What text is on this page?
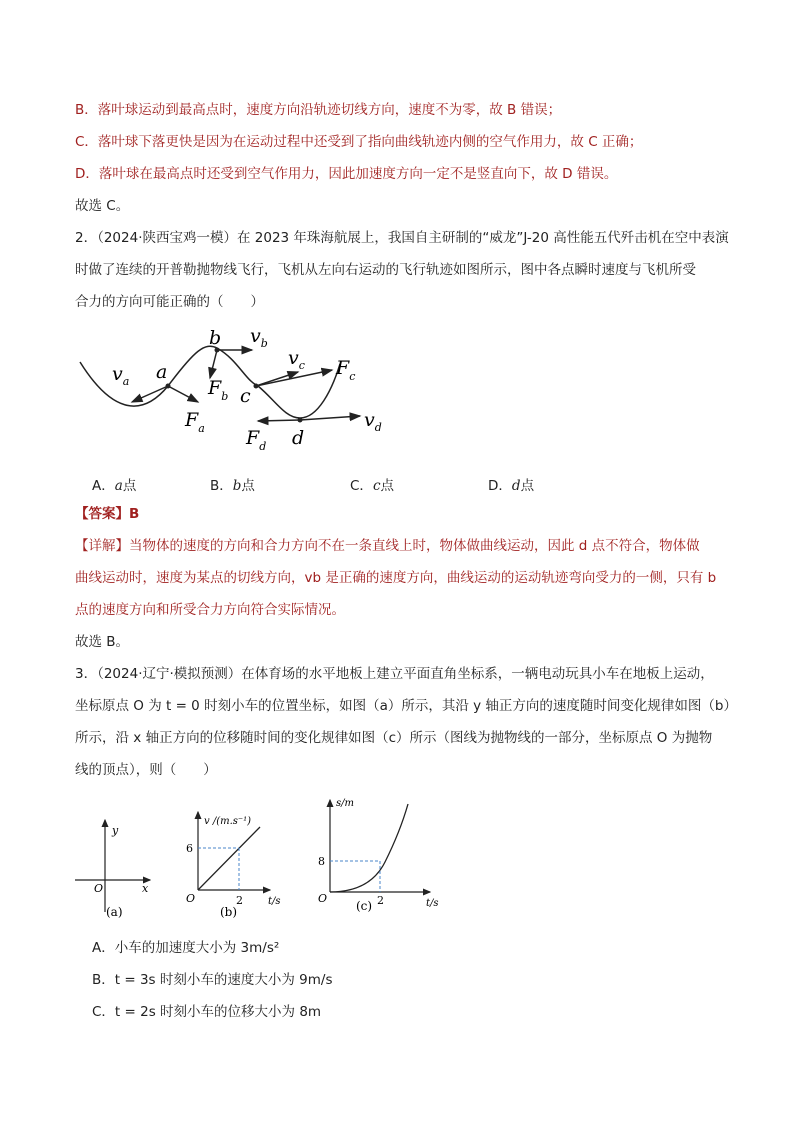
B．落叶球运动到最高点时，速度方向沿轨迹切线方向，速度不为零，故 B 错误；
C．落叶球下落更快是因为在运动过程中还受到了指向曲线轨迹内侧的空气作用力，故 C 正确；
D．落叶球在最高点时还受到空气作用力，因此加速度方向一定不是竖直向下，故 D 错误。
故选 C。
2．（2024·陕西宝鸡一模）在 2023 年珠海航展上，我国自主研制的“威龙”J-20 高性能五代歼击机在空中表演
时做了连续的开普勒抛物线飞行，飞机从左向右运动的飞行轨迹如图所示，图中各点瞬时速度与飞机所受
合力的方向可能正确的（　　）
$v_a$ a
$F_a$
b $v_b$
$F_b$ c
$v_c$ $F_c$
d
$v_d$
$F_d$
A．a点	B．b点	C．c点	D．d点
【答案】B
【详解】当物体的速度的方向和合力方向不在一条直线上时，物体做曲线运动，因此 d 点不符合，物体做
曲线运动时，速度为某点的切线方向，vb 是正确的速度方向，曲线运动的运动轨迹弯向受力的一侧，只有 b
点的速度方向和所受合力方向符合实际情况。
故选 B。
3．（2024·辽宁·模拟预测）在体育场的水平地板上建立平面直角坐标系，一辆电动玩具小车在地板上运动，
坐标原点 O 为 t = 0 时刻小车的位置坐标，如图（a）所示，其沿 y 轴正方向的速度随时间变化规律如图（b）
所示，沿 x 轴正方向的位移随时间的变化规律如图（c）所示（图线为抛物线的一部分，坐标原点 O 为抛物
线的顶点），则（　　）
y
x
O
(a)
v /(m.s⁻¹)
6
2	t/s
O
(b)
s/m
8
2	t/s
O
(c)
A．小车的加速度大小为 3m/s²
B．t = 3s 时刻小车的速度大小为 9m/s
C．t = 2s 时刻小车的位移大小为 8m
